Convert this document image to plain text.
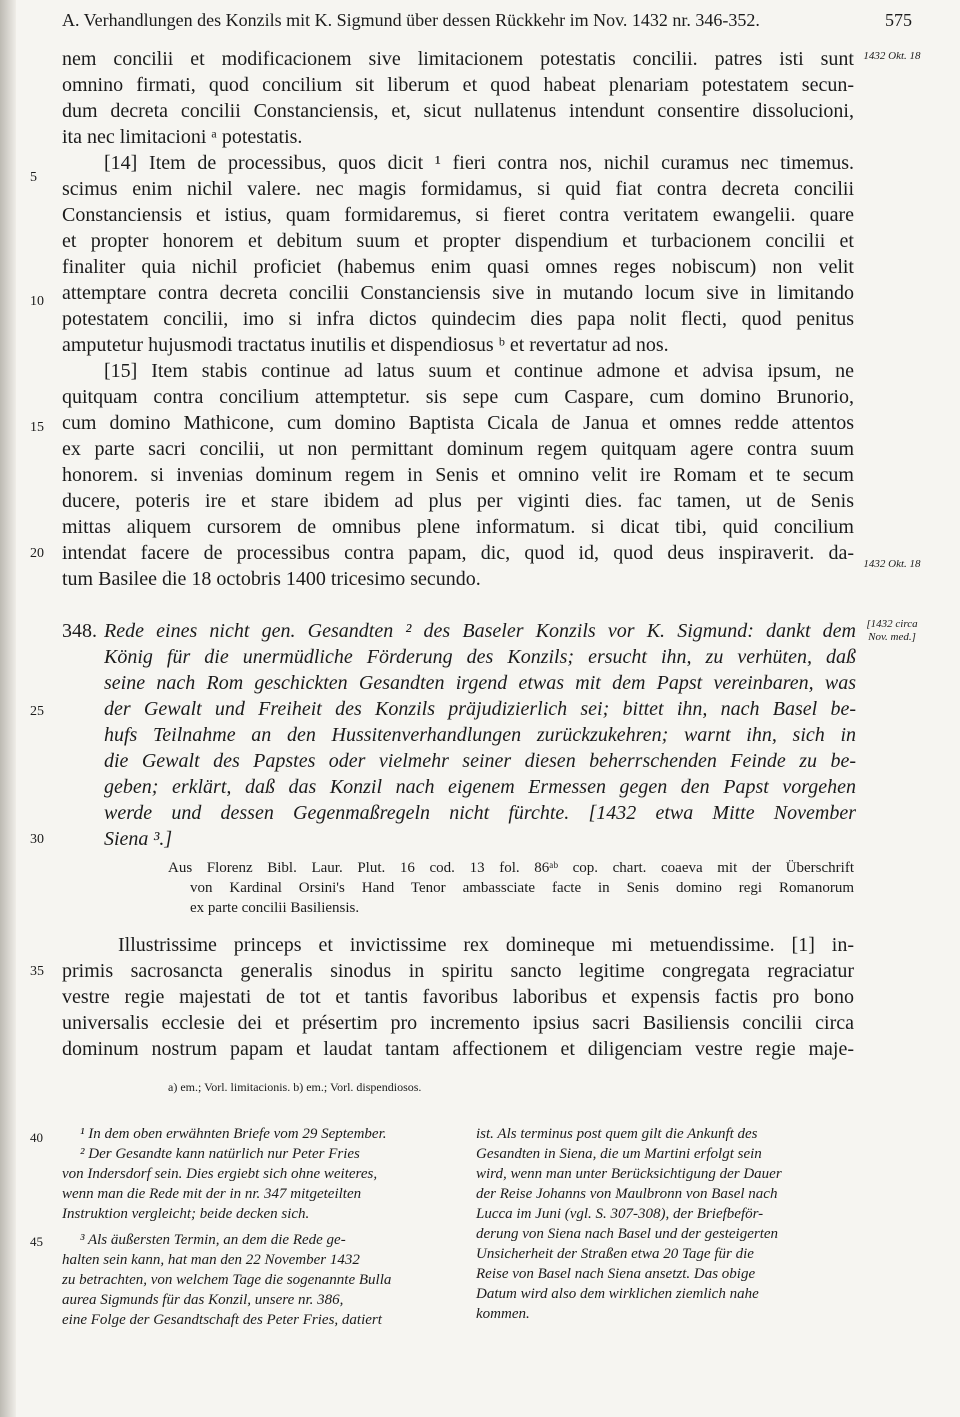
A. Verhandlungen des Konzils mit K. Sigmund über dessen Rückkehr im Nov. 1432 nr. 346-352.	575
1432 Okt. 18
1432 Okt. 18
[1432 circa Nov. med.]
5
10
15
20
25
30
35
nem concilii et modificacionem sive limitacionem potestatis concilii. patres isti sunt
omnino firmati, quod concilium sit liberum et quod habeat plenariam potestatem secun-
dum decreta concilii Constanciensis, et, sicut nullatenus intendunt consentire dissolucioni,
ita nec limitacioni ᵃ potestatis.
[14] Item de processibus, quos dicit ¹ fieri contra nos, nichil curamus nec timemus.
scimus enim nichil valere. nec magis formidamus, si quid fiat contra decreta concilii
Constanciensis et istius, quam formidaremus, si fieret contra veritatem ewangelii. quare
et propter honorem et debitum suum et propter dispendium et turbacionem concilii et
finaliter quia nichil proficiet (habemus enim quasi omnes reges nobiscum) non velit
attemptare contra decreta concilii Constanciensis sive in mutando locum sive in limitando
potestatem concilii, imo si infra dictos quindecim dies papa nolit flecti, quod penitus
amputetur hujusmodi tractatus inutilis et dispendiosus ᵇ et revertatur ad nos.
[15] Item stabis continue ad latus suum et continue admone et advisa ipsum, ne
quitquam contra concilium attemptetur. sis sepe cum Caspare, cum domino Brunorio,
cum domino Mathicone, cum domino Baptista Cicala de Janua et omnes redde attentos
ex parte sacri concilii, ut non permittant dominum regem quitquam agere contra suum
honorem. si invenias dominum regem in Senis et omnino velit ire Romam et te secum
ducere, poteris ire et stare ibidem ad plus per viginti dies. fac tamen, ut de Senis
mittas aliquem cursorem de omnibus plene informatum. si dicat tibi, quid concilium
intendat facere de processibus contra papam, dic, quod id, quod deus inspiraverit. da-
tum Basilee die 18 octobris 1400 tricesimo secundo.
348. Rede eines nicht gen. Gesandten ² des Baseler Konzils vor K. Sigmund: dankt dem
König für die unermüdliche Förderung des Konzils; ersucht ihn, zu verhüten, daß
seine nach Rom geschickten Gesandten irgend etwas mit dem Papst vereinbaren, was
der Gewalt und Freiheit des Konzils präjudizierlich sei; bittet ihn, nach Basel be-
hufs Teilnahme an den Hussitenverhandlungen zurückzukehren; warnt ihn, sich in
die Gewalt des Papstes oder vielmehr seiner diesen beherrschenden Feinde zu be-
geben; erklärt, daß das Konzil nach eigenem Ermessen gegen den Papst vorgehen
werde und dessen Gegenmaßregeln nicht fürchte. [1432 etwa Mitte November
Siena ³.]
Aus Florenz Bibl. Laur. Plut. 16 cod. 13 fol. 86ᵃᵇ cop. chart. coaeva mit der Überschrift
von Kardinal Orsini's Hand Tenor ambassciate facte in Senis domino regi Romanorum
ex parte concilii Basiliensis.
Illustrissime princeps et invictissime rex domineque mi metuendissime. [1] in-
primis sacrosancta generalis sinodus in spiritu sancto legitime congregata regraciatur
vestre regie majestati de tot et tantis favoribus laboribus et expensis factis pro bono
universalis ecclesie dei et présertim pro incremento ipsius sacri Basiliensis concilii circa
dominum nostrum papam et laudat tantam affectionem et diligenciam vestre regie maje-
a) em.; Vorl. limitacionis. b) em.; Vorl. dispendiosos.
40
45
¹ In dem oben erwähnten Briefe vom 29 September.
² Der Gesandte kann natürlich nur Peter Fries
von Indersdorf sein. Dies ergiebt sich ohne weiteres,
wenn man die Rede mit der in nr. 347 mitgeteilten
Instruktion vergleicht; beide decken sich.
³ Als äußersten Termin, an dem die Rede ge-
halten sein kann, hat man den 22 November 1432
zu betrachten, von welchem Tage die sogenannte Bulla
aurea Sigmunds für das Konzil, unsere nr. 386,
eine Folge der Gesandtschaft des Peter Fries, datiert
ist. Als terminus post quem gilt die Ankunft des
Gesandten in Siena, die um Martini erfolgt sein
wird, wenn man unter Berücksichtigung der Dauer
der Reise Johanns von Maulbronn von Basel nach
Lucca im Juni (vgl. S. 307-308), der Briefbeför-
derung von Siena nach Basel und der gesteigerten
Unsicherheit der Straßen etwa 20 Tage für die
Reise von Basel nach Siena ansetzt. Das obige
Datum wird also dem wirklichen ziemlich nahe
kommen.
